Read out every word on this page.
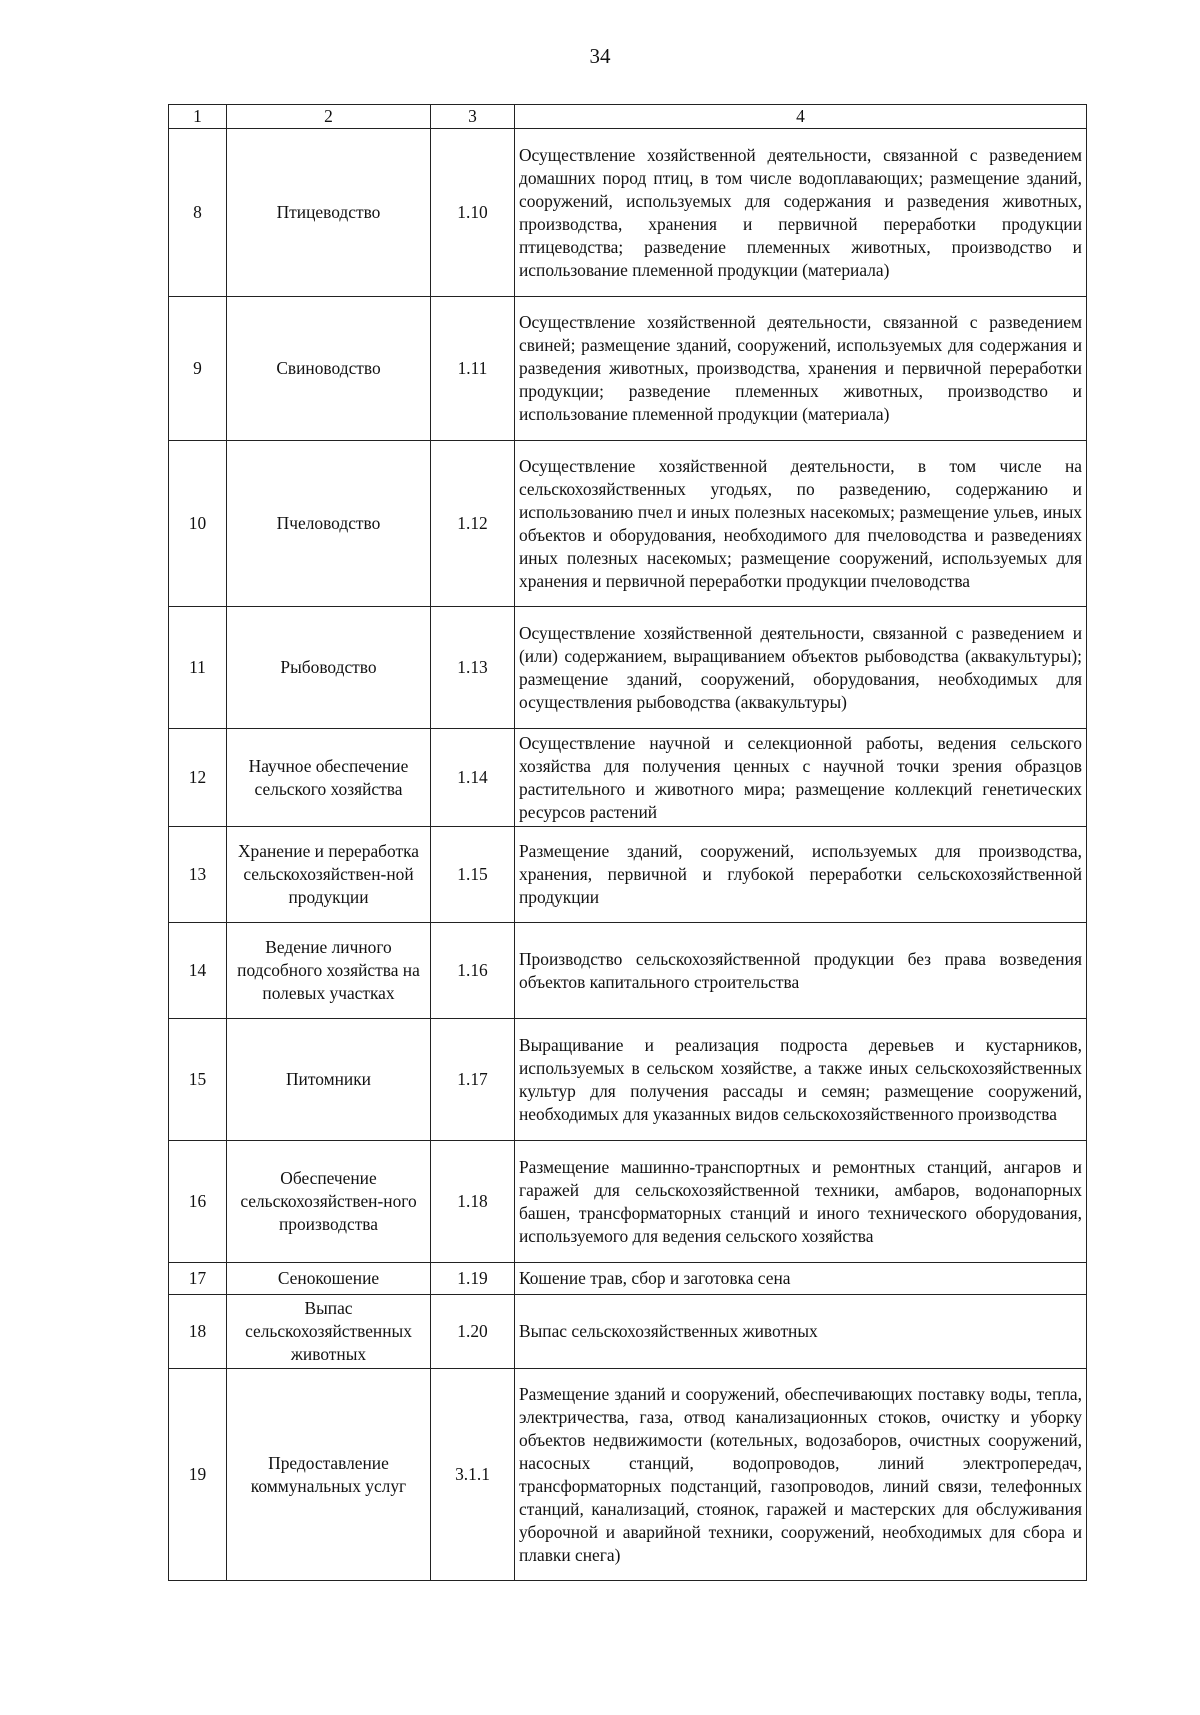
34
1	2	3	4
8	Птицеводство	1.10	Осуществление хозяйственной деятельности, связанной с разведением домашних пород птиц, в том числе водоплавающих; размещение зданий, сооружений, используемых для содержания и разведения животных, производства, хранения и первичной переработки продукции птицеводства; разведение племенных животных, производство и использование племенной продукции (материала)
9	Свиноводство	1.11	Осуществление хозяйственной деятельности, связанной с разведением свиней; размещение зданий, сооружений, используемых для содержания и разведения животных, производства, хранения и первичной переработки продукции; разведение племенных животных, производство и использование племенной продукции (материала)
10	Пчеловодство	1.12	Осуществление хозяйственной деятельности, в том числе на сельскохозяйственных угодьях, по разведению, содержанию и использованию пчел и иных полезных насекомых; размещение ульев, иных объектов и оборудования, необходимого для пчеловодства и разведениях иных полезных насекомых; размещение сооружений, используемых для хранения и первичной переработки продукции пчеловодства
11	Рыбоводство	1.13	Осуществление хозяйственной деятельности, связанной с разведением и (или) содержанием, выращиванием объектов рыбоводства (аквакультуры); размещение зданий, сооружений, оборудования, необходимых для осуществления рыбоводства (аквакультуры)
12	Научное обеспечение сельского хозяйства	1.14	Осуществление научной и селекционной работы, ведения сельского хозяйства для получения ценных с научной точки зрения образцов растительного и животного мира; размещение коллекций генетических ресурсов растений
13	Хранение и переработка сельскохозяйствен-ной продукции	1.15	Размещение зданий, сооружений, используемых для производства, хранения, первичной и глубокой переработки сельскохозяйственной продукции
14	Ведение личного подсобного хозяйства на полевых участках	1.16	Производство сельскохозяйственной продукции без права возведения объектов капитального строительства
15	Питомники	1.17	Выращивание и реализация подроста деревьев и кустарников, используемых в сельском хозяйстве, а также иных сельскохозяйственных культур для получения рассады и семян; размещение сооружений, необходимых для указанных видов сельскохозяйственного производства
16	Обеспечение сельскохозяйствен-ного производства	1.18	Размещение машинно-транспортных и ремонтных станций, ангаров и гаражей для сельскохозяйственной техники, амбаров, водонапорных башен, трансформаторных станций и иного технического оборудования, используемого для ведения сельского хозяйства
17	Сенокошение	1.19	Кошение трав, сбор и заготовка сена
18	Выпас сельскохозяйственных животных	1.20	Выпас сельскохозяйственных животных
19	Предоставление коммунальных услуг	3.1.1	Размещение зданий и сооружений, обеспечивающих поставку воды, тепла, электричества, газа, отвод канализационных стоков, очистку и уборку объектов недвижимости (котельных, водозаборов, очистных сооружений, насосных станций, водопроводов, линий электропередач, трансформаторных подстанций, газопроводов, линий связи, телефонных станций, канализаций, стоянок, гаражей и мастерских для обслуживания уборочной и аварийной техники, сооружений, необходимых для сбора и плавки снега)
